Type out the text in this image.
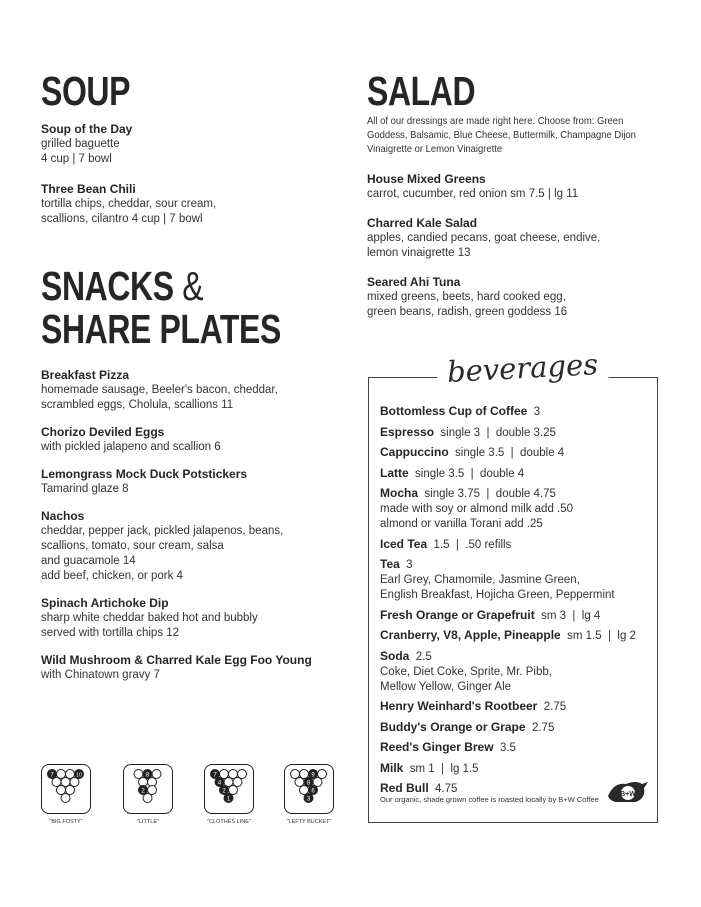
SOUP
Soup of the Day
grilled baguette
4 cup | 7 bowl
Three Bean Chili
tortilla chips, cheddar, sour cream,
scallions, cilantro 4 cup | 7 bowl
SNACKS &
SHARE PLATES
Breakfast Pizza
homemade sausage, Beeler's bacon, cheddar,
scrambled eggs, Cholula, scallions 11
Chorizo Deviled Eggs
with pickled jalapeno and scallion 6
Lemongrass Mock Duck Potstickers
Tamarind glaze 8
Nachos
cheddar, pepper jack, pickled jalapenos, beans,
scallions, tomato, sour cream, salsa
and guacamole 14
add beef, chicken, or pork 4
Spinach Artichoke Dip
sharp white cheddar baked hot and bubbly
served with tortilla chips 12
Wild Mushroom & Charred Kale Egg Foo Young
with Chinatown gravy 7
SALAD
All of our dressings are made right here. Choose from: Green Goddess, Balsamic, Blue Cheese, Buttermilk, Champagne Dijon Vinaigrette or Lemon Vinaigrette
House Mixed Greens
carrot, cucumber, red onion sm 7.5 | lg 11
Charred Kale Salad
apples, candied pecans, goat cheese, endive,
lemon vinaigrette 13
Seared Ahi Tuna
mixed greens, beets, hard cooked egg,
green beans, radish, green goddess 16
beverages
Bottomless Cup of Coffee  3
Espresso  single 3  |  double 3.25
Cappuccino  single 3.5  |  double 4
Latte  single 3.5  |  double 4
Mocha  single 3.75  |  double 4.75
made with soy or almond milk add .50
almond or vanilla Torani add .25
Iced Tea  1.5  |  .50 refills
Tea  3
Earl Grey, Chamomile, Jasmine Green,
English Breakfast, Hojicha Green, Peppermint
Fresh Orange or Grapefruit  sm 3  |  lg 4
Cranberry, V8, Apple, Pineapple  sm 1.5  |  lg 2
Soda  2.5
Coke, Diet Coke, Sprite, Mr. Pibb,
Mellow Yellow, Ginger Ale
Henry Weinhard's Rootbeer  2.75
Buddy's Orange or Grape  2.75
Reed's Ginger Brew  3.5
Milk  sm 1  |  lg 1.5
Red Bull  4.75
Our organic, shade grown coffee is roasted locally by B+W Coffee
B+W
7	10
"BIG FOSTY"
8
2
"LITTLE"
7
4
2
1
"CLOTHES LINE"
9
8
6
3
"LEFTY BUCKET"
